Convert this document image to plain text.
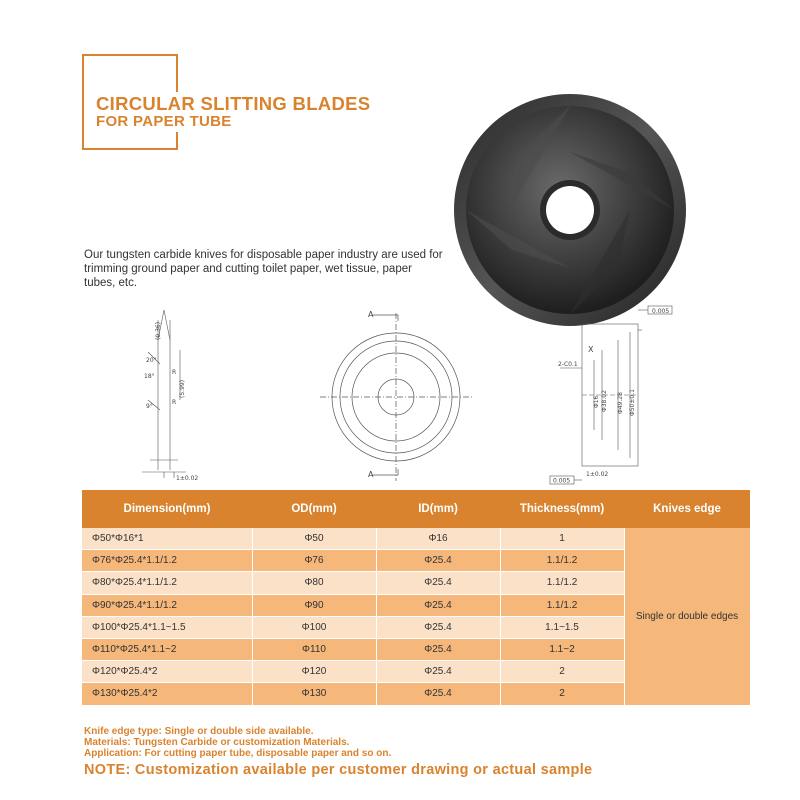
CIRCULAR SLITTING BLADES
FOR PAPER TUBE

Our tungsten carbide knives for disposable paper industry are used for trimming ground paper and cutting toilet paper, wet tissue, paper tubes, etc.

(0.36)
(5.99)
20°
18°
R
9°
R
1±0.02
A
A
2-C0.1
0.005
X
Φ16 Φ38.02 Φ49.28 Φ50±0.1
1±0.02
0.005
Dimension(mm)	OD(mm)	ID(mm)	Thickness(mm)	Knives edge
Φ50*Φ16*1	Φ50	Φ16	1	Single or double edges
Φ76*Φ25.4*1.1/1.2	Φ76	Φ25.4	1.1/1.2	
Φ80*Φ25.4*1.1/1.2	Φ80	Φ25.4	1.1/1.2	
Φ90*Φ25.4*1.1/1.2	Φ90	Φ25.4	1.1/1.2	
Φ100*Φ25.4*1.1~1.5	Φ100	Φ25.4	1.1~1.5	
Φ110*Φ25.4*1.1~2	Φ110	Φ25.4	1.1~2	
Φ120*Φ25.4*2	Φ120	Φ25.4	2	
Φ130*Φ25.4*2	Φ130	Φ25.4	2	

Knife edge type: Single or double side available.

Materials: Tungsten Carbide or customization Materials.

Application: For cutting paper tube, disposable paper and so on.

NOTE: Customization available per customer drawing or actual sample
